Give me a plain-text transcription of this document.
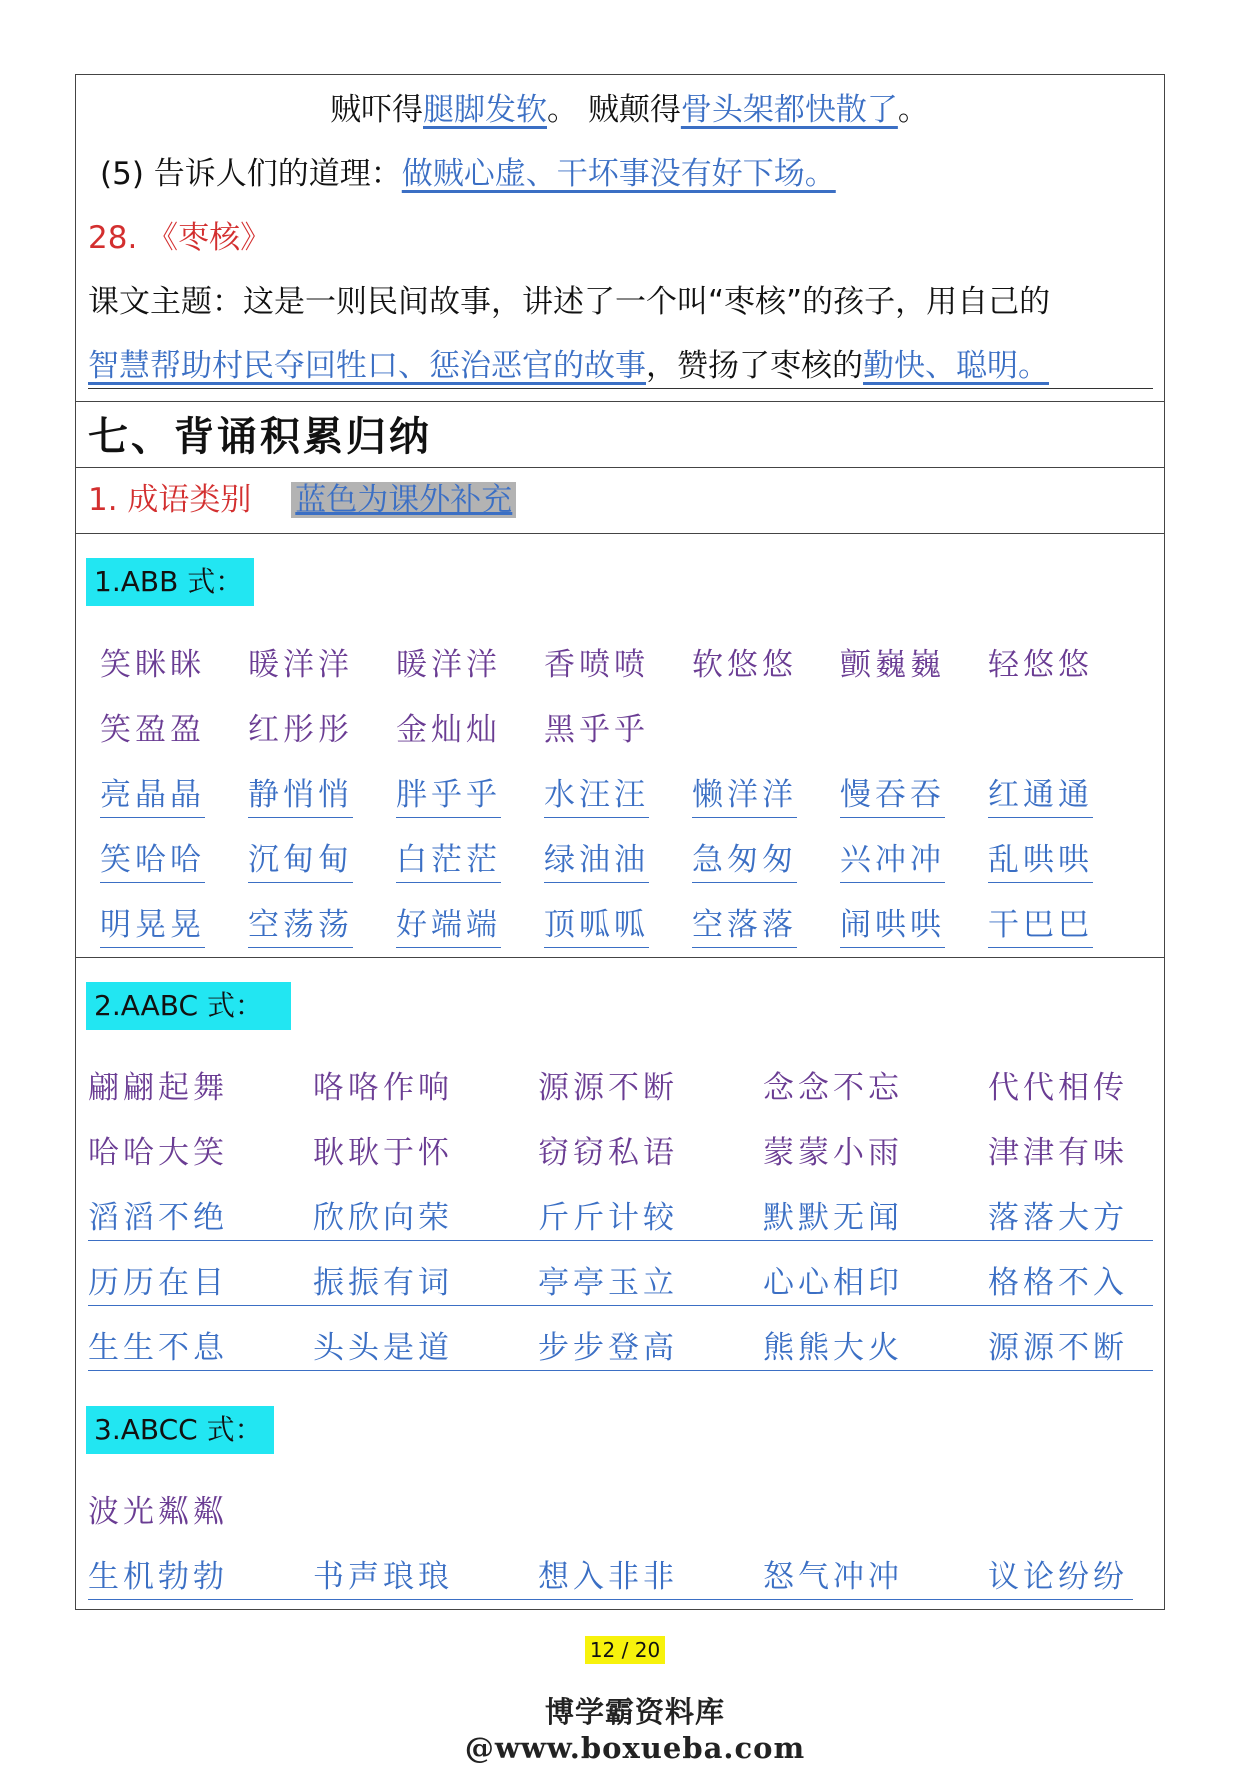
贼吓得腿脚发软。 贼颠得骨头架都快散了。
(5) 告诉人们的道理：做贼心虚、干坏事没有好下场。
28. 《枣核》
课文主题：这是一则民间故事，讲述了一个叫“枣核”的孩子，用自己的
智慧帮助村民夺回牲口、惩治恶官的故事，赞扬了枣核的勤快、聪明。
七、背诵积累归纳
1. 成语类别 蓝色为课外补充
1.ABB 式：
笑眯眯 暖洋洋 暖洋洋 香喷喷 软悠悠 颤巍巍 轻悠悠
笑盈盈 红彤彤 金灿灿 黑乎乎
亮晶晶 静悄悄 胖乎乎 水汪汪 懒洋洋 慢吞吞 红通通
笑哈哈 沉甸甸 白茫茫 绿油油 急匆匆 兴冲冲 乱哄哄
明晃晃 空荡荡 好端端 顶呱呱 空落落 闹哄哄 干巴巴
2.AABC 式：
翩翩起舞	咯咯作响	源源不断	念念不忘	代代相传
哈哈大笑	耿耿于怀	窃窃私语	蒙蒙小雨	津津有味
滔滔不绝	欣欣向荣	斤斤计较	默默无闻	落落大方
历历在目	振振有词	亭亭玉立	心心相印	格格不入
生生不息	头头是道	步步登高	熊熊大火	源源不断
3.ABCC 式：
波光粼粼
生机勃勃	书声琅琅	想入非非	怒气冲冲	议论纷纷
12 / 20
博学霸资料库@www.boxueba.com
